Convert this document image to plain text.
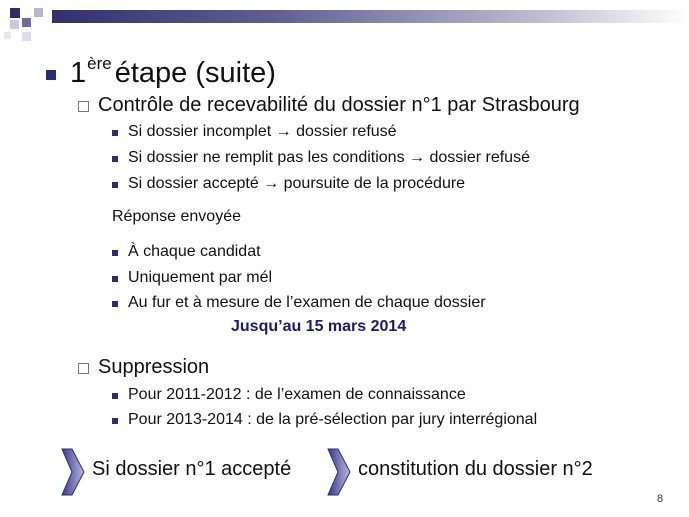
1ère étape (suite)
Contrôle de recevabilité du dossier n°1 par Strasbourg
Si dossier incomplet → dossier refusé
Si dossier ne remplit pas les conditions → dossier refusé
Si dossier accepté → poursuite de la procédure
Réponse envoyée
À chaque candidat
Uniquement par mél
Au fur et à mesure de l’examen de chaque dossier
Jusqu’au 15 mars 2014
Suppression
Pour 2011-2012 : de l’examen de connaissance
Pour 2013-2014 : de la pré-sélection par jury interrégional
Si dossier n°1 accepté	constitution du dossier n°2
8
